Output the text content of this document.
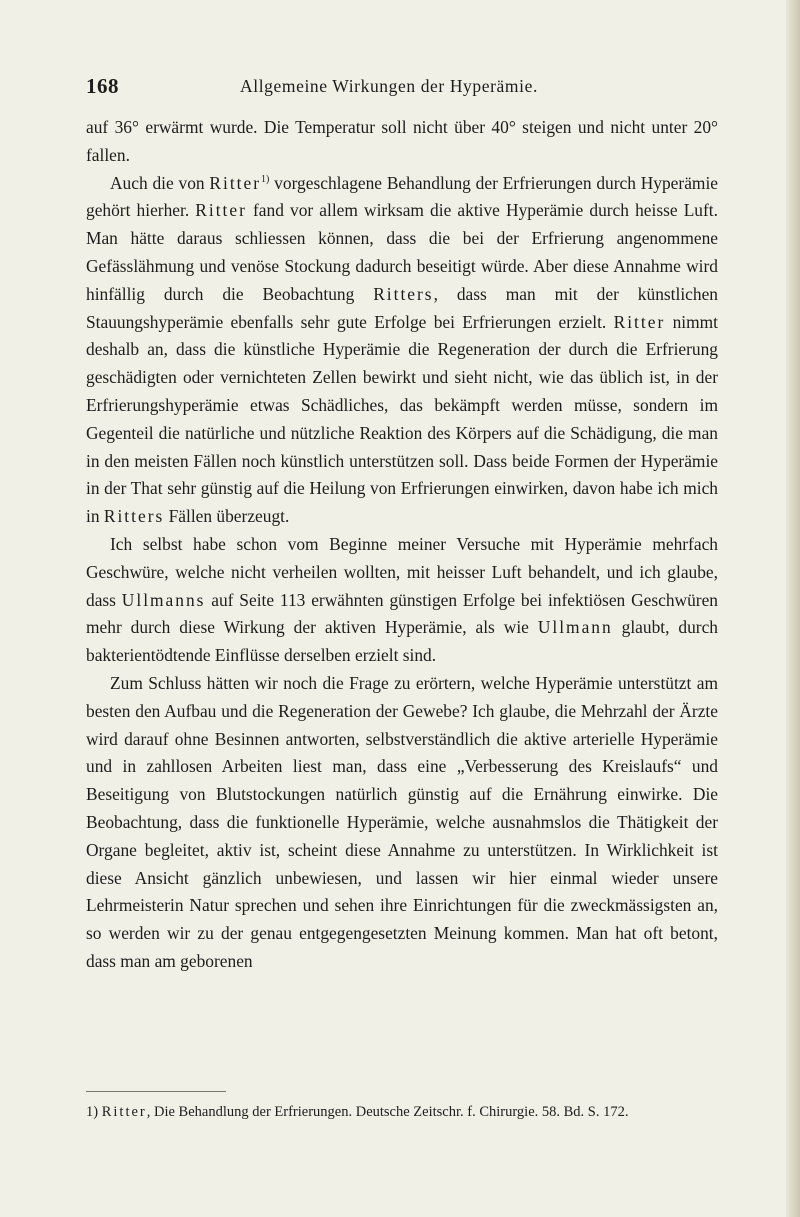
168	Allgemeine Wirkungen der Hyperämie.

auf 36° erwärmt wurde. Die Temperatur soll nicht über 40° steigen und nicht unter 20° fallen.

Auch die von Ritter$^{1)}$ vorgeschlagene Behandlung der Erfrierungen durch Hyperämie gehört hierher. Ritter fand vor allem wirksam die aktive Hyperämie durch heisse Luft. Man hätte daraus schliessen können, dass die bei der Erfrierung angenommene Gefässlähmung und venöse Stockung dadurch beseitigt würde. Aber diese Annahme wird hinfällig durch die Beobachtung Ritters, dass man mit der künstlichen Stauungshyperämie ebenfalls sehr gute Erfolge bei Erfrierungen erzielt. Ritter nimmt deshalb an, dass die künstliche Hyperämie die Regeneration der durch die Erfrierung geschädigten oder vernichteten Zellen bewirkt und sieht nicht, wie das üblich ist, in der Erfrierungshyperämie etwas Schädliches, das bekämpft werden müsse, sondern im Gegenteil die natürliche und nützliche Reaktion des Körpers auf die Schädigung, die man in den meisten Fällen noch künstlich unterstützen soll. Dass beide Formen der Hyperämie in der That sehr günstig auf die Heilung von Erfrierungen einwirken, davon habe ich mich in Ritters Fällen überzeugt.

Ich selbst habe schon vom Beginne meiner Versuche mit Hyperämie mehrfach Geschwüre, welche nicht verheilen wollten, mit heisser Luft behandelt, und ich glaube, dass Ullmanns auf Seite 113 erwähnten günstigen Erfolge bei infektiösen Geschwüren mehr durch diese Wirkung der aktiven Hyperämie, als wie Ullmann glaubt, durch bakterientödtende Einflüsse derselben erzielt sind.

Zum Schluss hätten wir noch die Frage zu erörtern, welche Hyperämie unterstützt am besten den Aufbau und die Regeneration der Gewebe? Ich glaube, die Mehrzahl der Ärzte wird darauf ohne Besinnen antworten, selbstverständlich die aktive arterielle Hyperämie und in zahllosen Arbeiten liest man, dass eine „Verbesserung des Kreislaufs“ und Beseitigung von Blutstockungen natürlich günstig auf die Ernährung einwirke. Die Beobachtung, dass die funktionelle Hyperämie, welche ausnahmslos die Thätigkeit der Organe begleitet, aktiv ist, scheint diese Annahme zu unterstützen. In Wirklichkeit ist diese Ansicht gänzlich unbewiesen, und lassen wir hier einmal wieder unsere Lehrmeisterin Natur sprechen und sehen ihre Einrichtungen für die zweckmässigsten an, so werden wir zu der genau entgegengesetzten Meinung kommen. Man hat oft betont, dass man am geborenen

1) Ritter, Die Behandlung der Erfrierungen. Deutsche Zeitschr. f. Chirurgie. 58. Bd. S. 172.
